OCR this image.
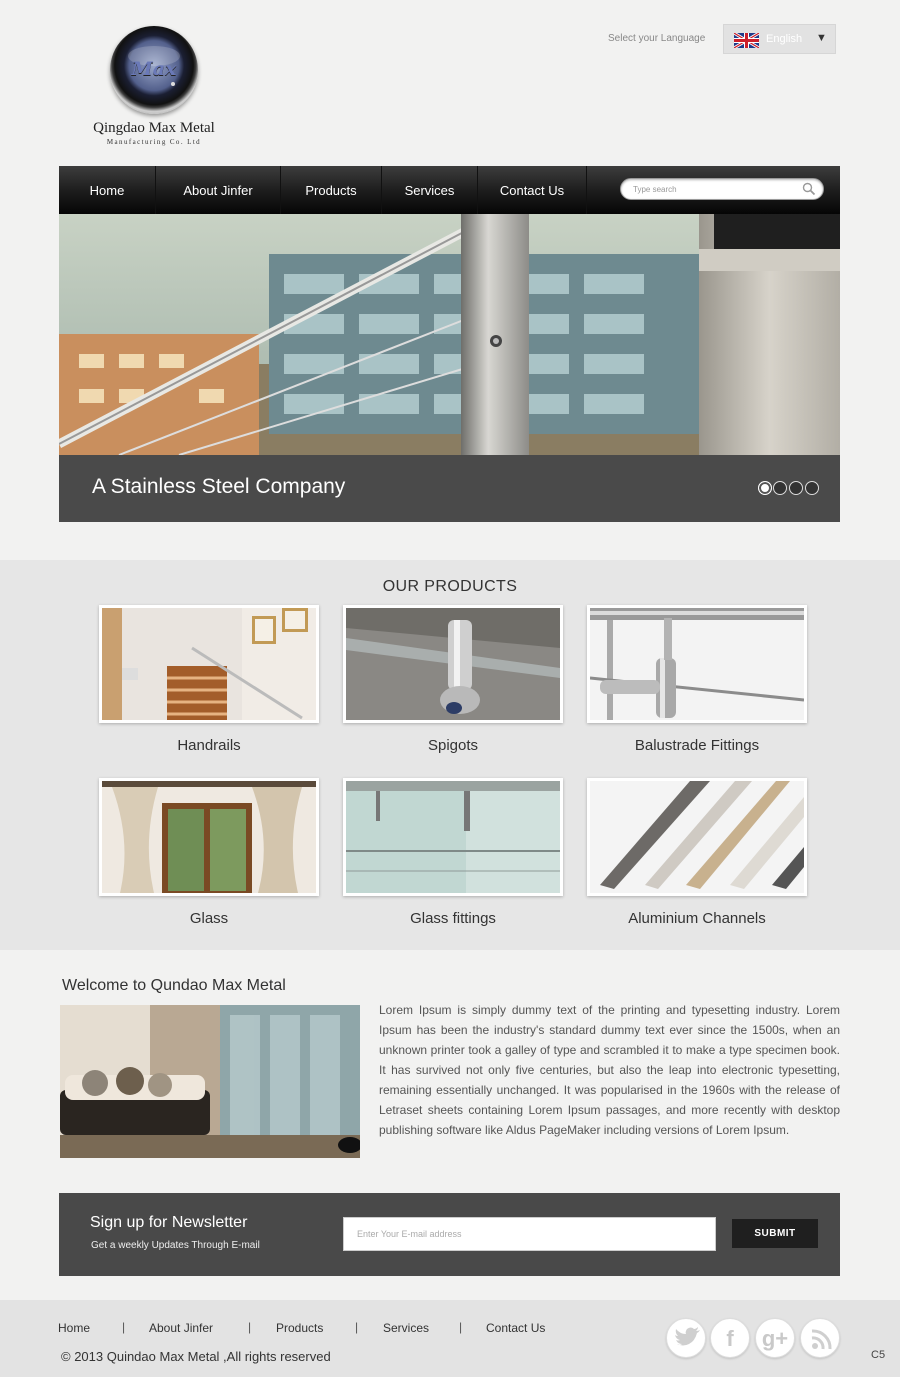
Max
Qingdao Max Metal
Manufacturing Co. Ltd
Select your Language	English ▼
Home	About Jinfer	Products	Services	Contact Us
Type search
A Stainless Steel Company
OUR PRODUCTS
Handrails	Spigots	Balustrade Fittings
Glass	Glass fittings	Aluminium Channels
Welcome to Qundao Max Metal
Lorem Ipsum is simply dummy text of the printing and typesetting industry. Lorem Ipsum has been the industry's standard dummy text ever since the 1500s, when an unknown printer took a galley of type and scrambled it to make a type specimen book. It has survived not only five centuries, but also the leap into electronic typesetting, remaining essentially unchanged. It was popularised in the 1960s with the release of Letraset sheets containing Lorem Ipsum passages, and more recently with desktop publishing software like Aldus PageMaker including versions of Lorem Ipsum.
Sign up for Newsletter
Get a weekly Updates Through E-mail
Enter Your E-mail address
SUBMIT
Home	| About Jinfer	| Products	| Services | Contact Us
© 2013 Quindao Max Metal ,All rights reserved
f	g+
C5
